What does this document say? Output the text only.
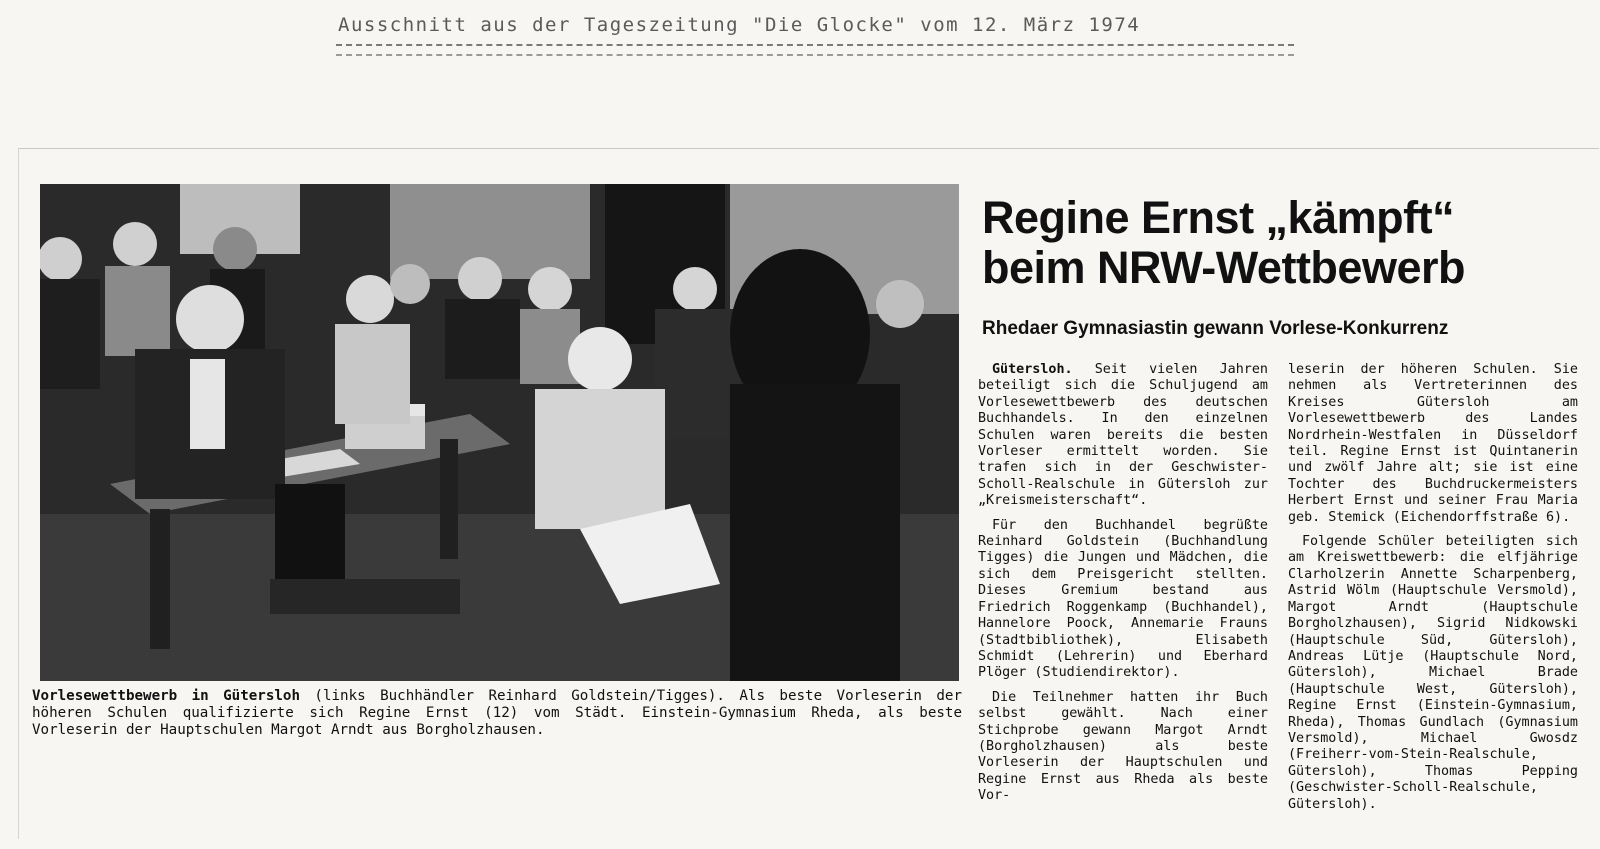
Ausschnitt aus der Tageszeitung "Die Glocke" vom 12. März 1974
Vorlesewettbewerb in Gütersloh (links Buchhändler Reinhard Goldstein/Tigges). Als beste Vorleserin der höheren Schulen qualifizierte sich Regine Ernst (12) vom Städt. Einstein-Gymnasium Rheda, als beste Vorleserin der Hauptschulen Margot Arndt aus Borgholzhausen.
Regine Ernst „kämpft“
beim NRW-Wettbewerb
Rhedaer Gymnasiastin gewann Vorlese-Konkurrenz

Gütersloh. Seit vielen Jahren beteiligt sich die Schuljugend am Vorlesewettbewerb des deutschen Buchhandels. In den einzelnen Schulen waren bereits die besten Vorleser ermittelt worden. Sie trafen sich in der Geschwister-Scholl-Realschule in Gütersloh zur „Kreismeisterschaft“.

Für den Buchhandel begrüßte Reinhard Goldstein (Buchhandlung Tigges) die Jungen und Mädchen, die sich dem Preisgericht stellten. Dieses Gremium bestand aus Friedrich Roggenkamp (Buchhandel), Hannelore Poock, Annemarie Frauns (Stadtbibliothek), Elisabeth Schmidt (Lehrerin) und Eberhard Plöger (Studiendirektor).

Die Teilnehmer hatten ihr Buch selbst gewählt. Nach einer Stichprobe gewann Margot Arndt (Borgholzhausen) als beste Vorleserin der Hauptschulen und Regine Ernst aus Rheda als beste Vor-

leserin der höheren Schulen. Sie nehmen als Vertreterinnen des Kreises Gütersloh am Vorlesewettbewerb des Landes Nordrhein-Westfalen in Düsseldorf teil. Regine Ernst ist Quintanerin und zwölf Jahre alt; sie ist eine Tochter des Buchdruckermeisters Herbert Ernst und seiner Frau Maria geb. Stemick (Eichendorffstraße 6).

Folgende Schüler beteiligten sich am Kreiswettbewerb: die elfjährige Clarholzerin Annette Scharpenberg, Astrid Wölm (Hauptschule Versmold), Margot Arndt (Hauptschule Borgholzhausen), Sigrid Nidkowski (Hauptschule Süd, Gütersloh), Andreas Lütje (Hauptschule Nord, Gütersloh), Michael Brade (Hauptschule West, Gütersloh), Regine Ernst (Einstein-Gymnasium, Rheda), Thomas Gundlach (Gymnasium Versmold), Michael Gwosdz (Freiherr-vom-Stein-Realschule, Gütersloh), Thomas Pepping (Geschwister-Scholl-Realschule, Gütersloh).
